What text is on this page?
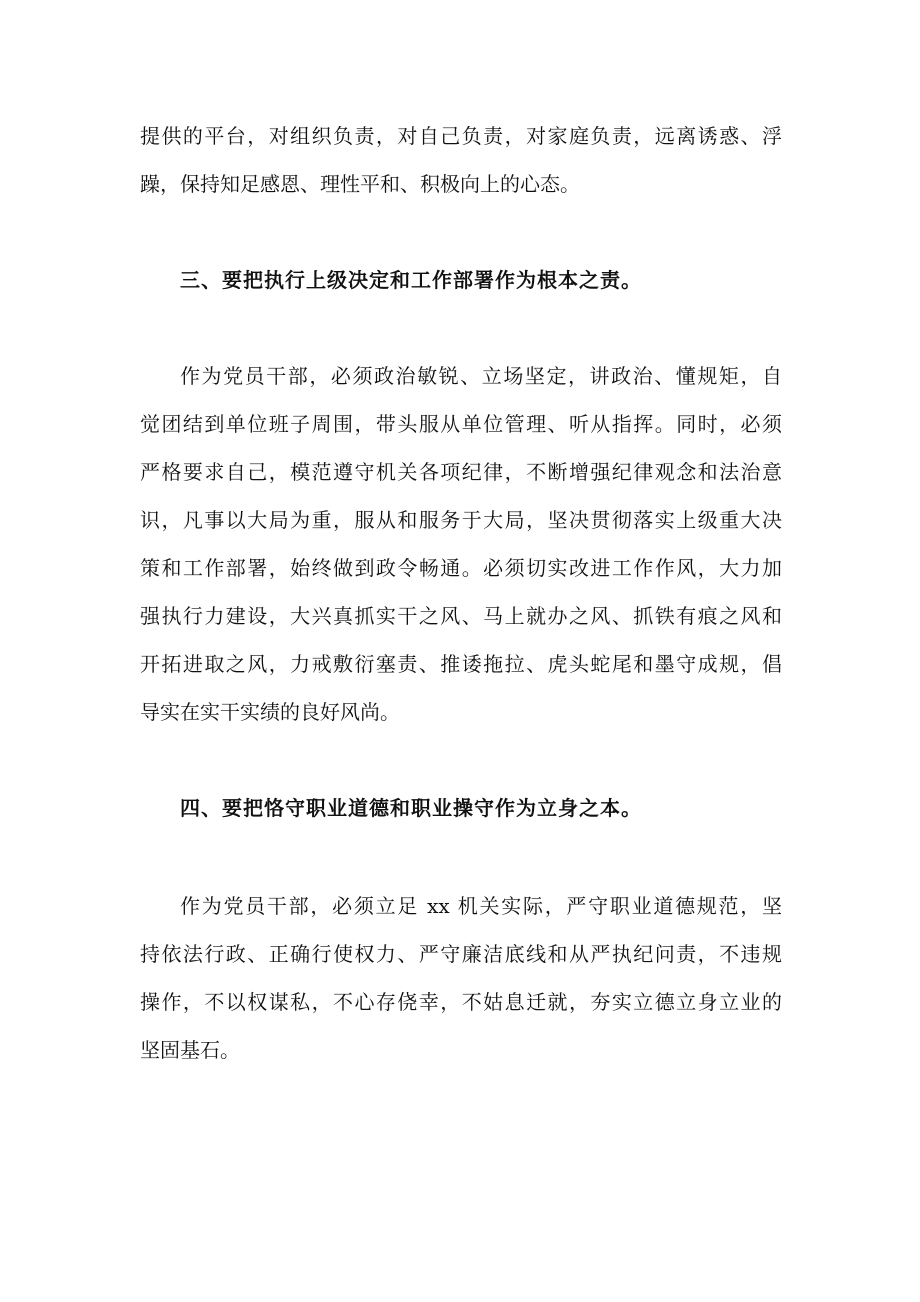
提供的平台，对组织负责，对自己负责，对家庭负责，远离诱惑、浮
躁，保持知足感恩、理性平和、积极向上的心态。
三、要把执行上级决定和工作部署作为根本之责。
作为党员干部，必须政治敏锐、立场坚定，讲政治、懂规矩，自
觉团结到单位班子周围，带头服从单位管理、听从指挥。同时，必须
严格要求自己，模范遵守机关各项纪律，不断增强纪律观念和法治意
识，凡事以大局为重，服从和服务于大局，坚决贯彻落实上级重大决
策和工作部署，始终做到政令畅通。必须切实改进工作作风，大力加
强执行力建设，大兴真抓实干之风、马上就办之风、抓铁有痕之风和
开拓进取之风，力戒敷衍塞责、推诿拖拉、虎头蛇尾和墨守成规，倡
导实在实干实绩的良好风尚。
四、要把恪守职业道德和职业操守作为立身之本。
作为党员干部，必须立足 xx 机关实际，严守职业道德规范，坚
持依法行政、正确行使权力、严守廉洁底线和从严执纪问责，不违规
操作，不以权谋私，不心存侥幸，不姑息迁就，夯实立德立身立业的
坚固基石。
